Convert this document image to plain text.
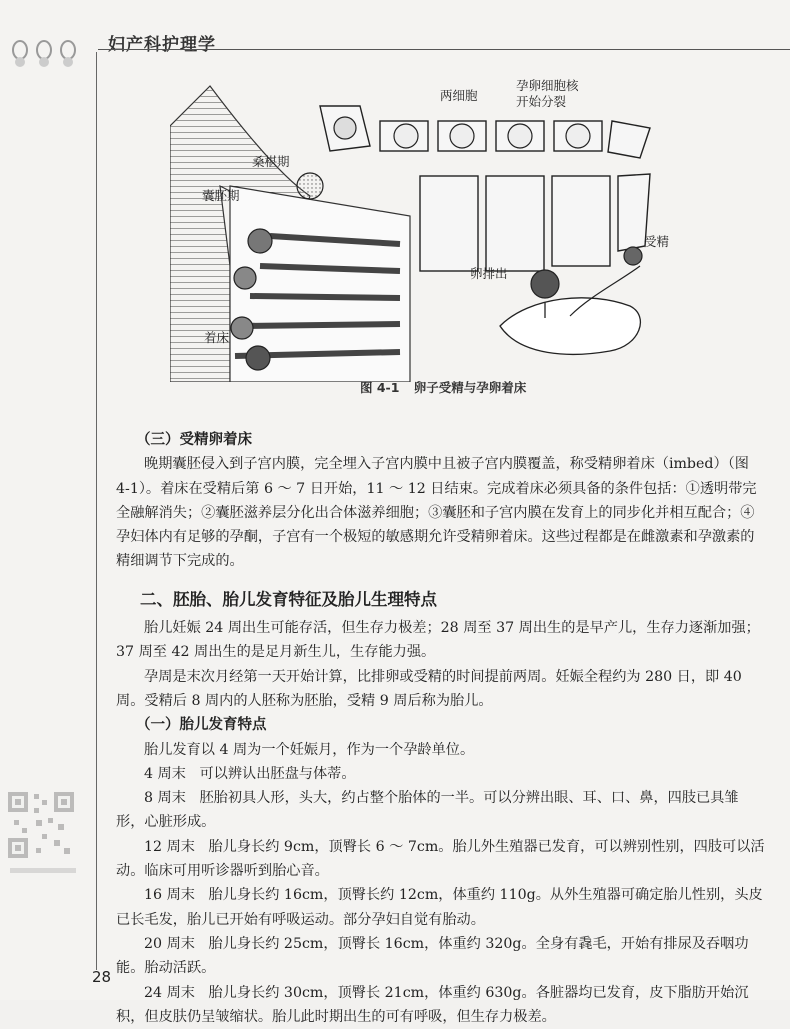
妇产科护理学
两细胞
孕卵细胞核
开始分裂
桑椹期
囊胚期
受精
卵排出
着床
图 4-1 卵子受精与孕卵着床

（三）受精卵着床

晚期囊胚侵入到子宫内膜，完全埋入子宫内膜中且被子宫内膜覆盖，称受精卵着床（imbed）（图 4-1）。着床在受精后第 6 ～ 7 日开始，11 ～ 12 日结束。完成着床必须具备的条件包括：①透明带完全融解消失；②囊胚滋养层分化出合体滋养细胞；③囊胚和子宫内膜在发育上的同步化并相互配合；④孕妇体内有足够的孕酮，子宫有一个极短的敏感期允许受精卵着床。这些过程都是在雌激素和孕激素的精细调节下完成的。

二、胚胎、胎儿发育特征及胎儿生理特点

胎儿妊娠 24 周出生可能存活，但生存力极差；28 周至 37 周出生的是早产儿，生存力逐渐加强；37 周至 42 周出生的是足月新生儿，生存能力强。

孕周是末次月经第一天开始计算，比排卵或受精的时间提前两周。妊娠全程约为 280 日，即 40 周。受精后 8 周内的人胚称为胚胎，受精 9 周后称为胎儿。

（一）胎儿发育特点

胎儿发育以 4 周为一个妊娠月，作为一个孕龄单位。

4 周末 可以辨认出胚盘与体蒂。

8 周末 胚胎初具人形，头大，约占整个胎体的一半。可以分辨出眼、耳、口、鼻，四肢已具雏形，心脏形成。

12 周末 胎儿身长约 9cm，顶臀长 6 ～ 7cm。胎儿外生殖器已发育，可以辨别性别，四肢可以活动。临床可用听诊器听到胎心音。

16 周末 胎儿身长约 16cm，顶臀长约 12cm，体重约 110g。从外生殖器可确定胎儿性别，头皮已长毛发，胎儿已开始有呼吸运动。部分孕妇自觉有胎动。

20 周末 胎儿身长约 25cm，顶臀长 16cm，体重约 320g。全身有毳毛，开始有排尿及吞咽功能。胎动活跃。

24 周末 胎儿身长约 30cm，顶臀长 21cm，体重约 630g。各脏器均已发育，皮下脂肪开始沉积，但皮肤仍呈皱缩状。胎儿此时期出生的可有呼吸，但生存力极差。

28
